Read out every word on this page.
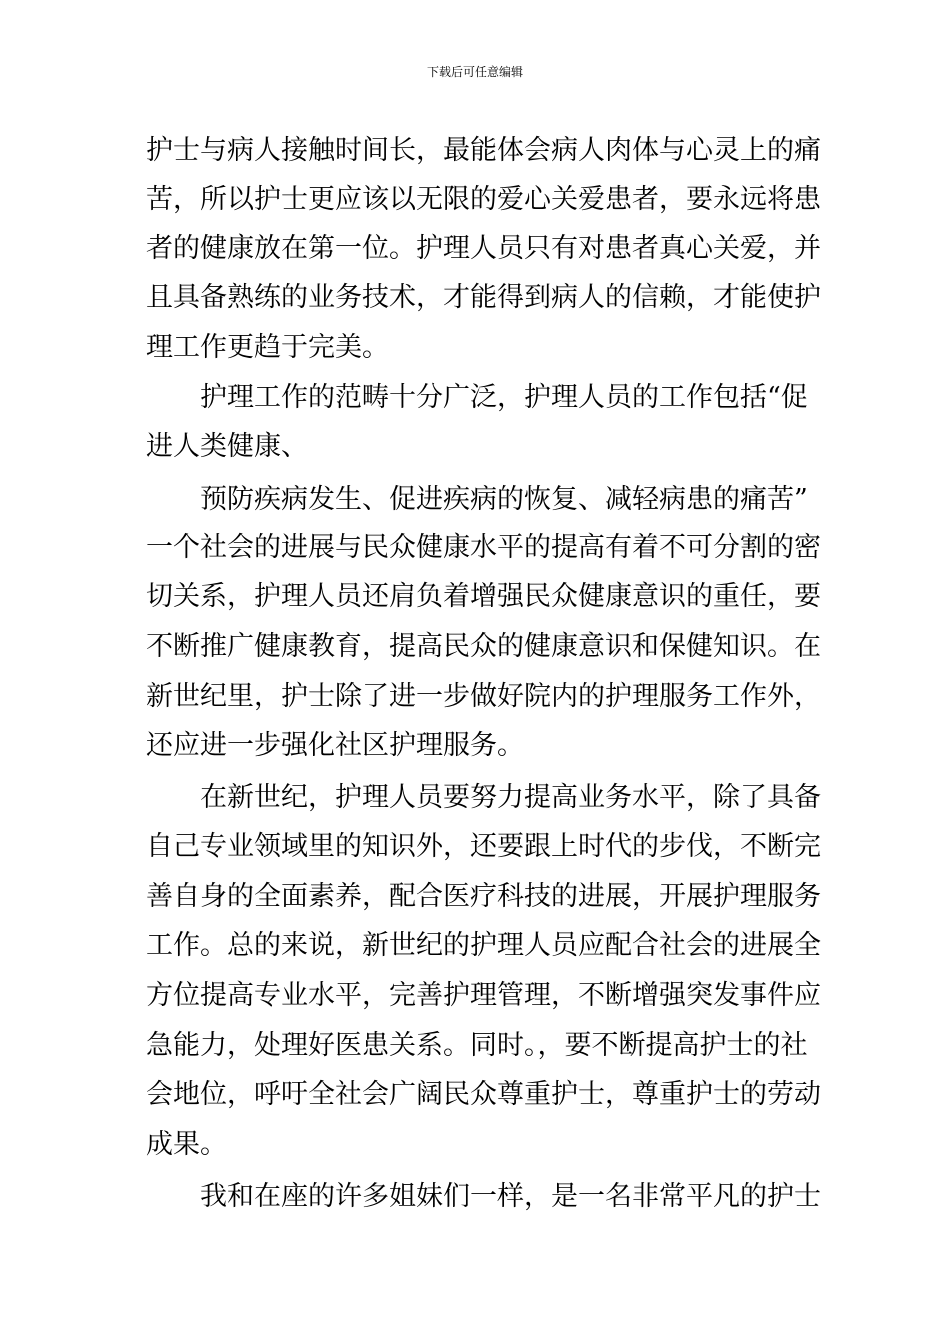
下载后可任意编辑
护士与病人接触时间长，最能体会病人肉体与心灵上的痛
苦，所以护士更应该以无限的爱心关爱患者，要永远将患
者的健康放在第一位。护理人员只有对患者真心关爱，并
且具备熟练的业务技术，才能得到病人的信赖，才能使护
理工作更趋于完美。
护理工作的范畴十分广泛，护理人员的工作包括“促
进人类健康、
预防疾病发生、促进疾病的恢复、减轻病患的痛苦”
一个社会的进展与民众健康水平的提高有着不可分割的密
切关系，护理人员还肩负着增强民众健康意识的重任，要
不断推广健康教育，提高民众的健康意识和保健知识。在
新世纪里，护士除了进一步做好院内的护理服务工作外，
还应进一步强化社区护理服务。
在新世纪，护理人员要努力提高业务水平，除了具备
自己专业领域里的知识外，还要跟上时代的步伐，不断完
善自身的全面素养，配合医疗科技的进展，开展护理服务
工作。总的来说，新世纪的护理人员应配合社会的进展全
方位提高专业水平，完善护理管理，不断增强突发事件应
急能力，处理好医患关系。同时。，要不断提高护士的社
会地位，呼吁全社会广阔民众尊重护士，尊重护士的劳动
成果。
我和在座的许多姐妹们一样，是一名非常平凡的护士
